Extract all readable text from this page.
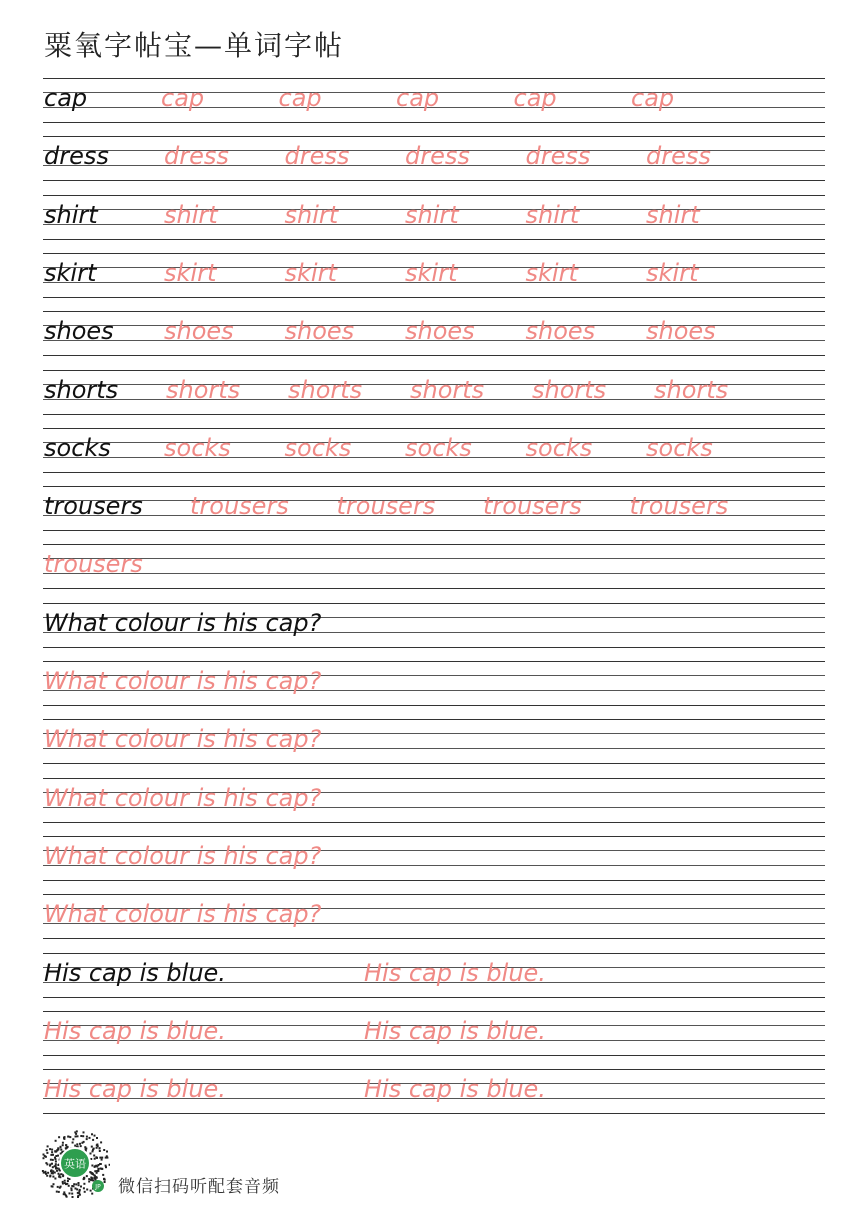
粟氧字帖宝—单词字帖
cap	cap	cap	cap	cap	cap
dress dress dress dress dress dress
shirt	shirt	shirt	shirt	shirt	shirt
skirt	skirt	skirt	skirt	skirt	skirt
shoes shoes shoes shoes shoes shoes
shorts shorts shorts shorts shorts shorts
socks socks socks socks socks socks
trousers trousers trousers trousers trousers
trousers
What colour is his cap?
What colour is his cap?
What colour is his cap?
What colour is his cap?
What colour is his cap?
What colour is his cap?
His cap is blue.	His cap is blue.
His cap is blue.	His cap is blue.
His cap is blue.	His cap is blue.
英语
JP 微信扫码听配套音频
